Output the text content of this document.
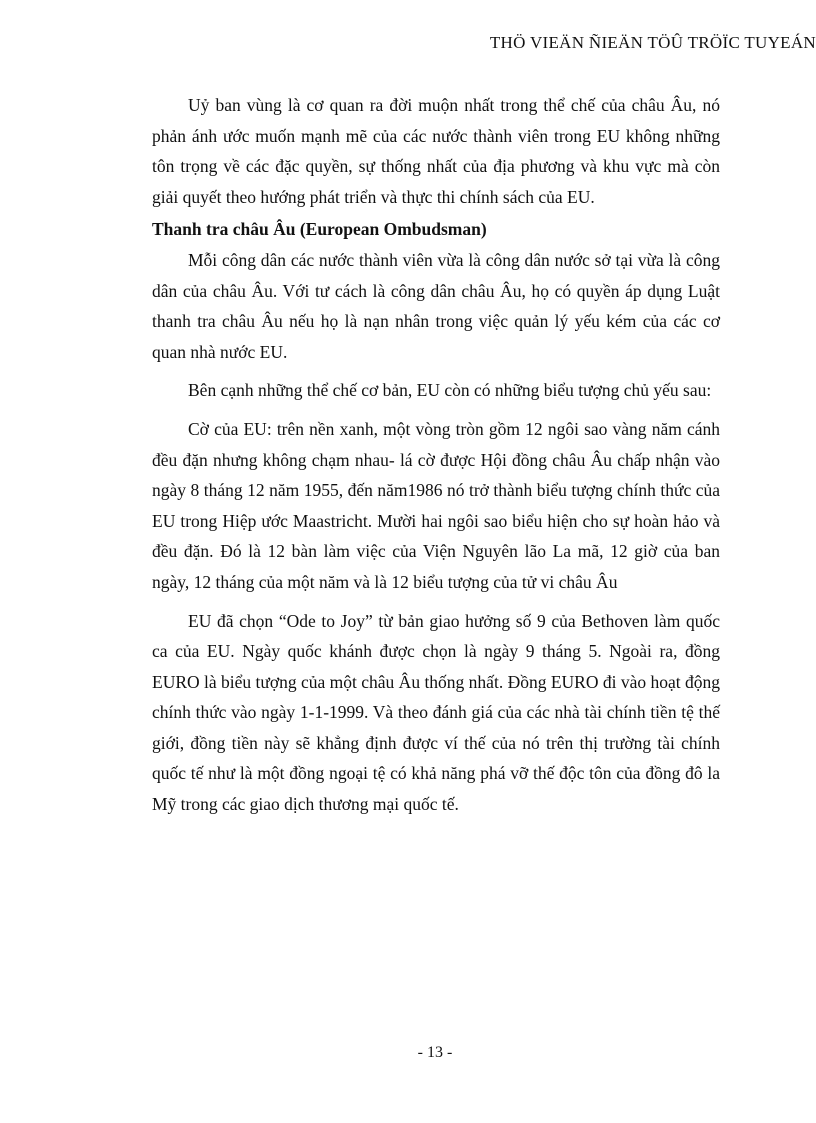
THÖ VIEÄN ÑIEÄN TÖÛ TRÖÏC TUYEÁN

Uỷ ban vùng là cơ quan ra đời muộn nhất trong thể chế của châu Âu, nó phản ánh ước muốn mạnh mẽ của các nước thành viên trong EU không những tôn trọng về các đặc quyền, sự thống nhất của địa phương và khu vực mà còn giải quyết theo hướng phát triển và thực thi chính sách của EU.

Thanh tra châu Âu (European Ombudsman)

Mỗi công dân các nước thành viên vừa là công dân nước sở tại vừa là công dân của châu Âu. Với tư cách là công dân châu Âu, họ có quyền áp dụng Luật thanh tra châu Âu nếu họ là nạn nhân trong việc quản lý yếu kém của các cơ quan nhà nước EU.

Bên cạnh những thể chế cơ bản, EU còn có những biểu tượng chủ yếu sau:

Cờ của EU: trên nền xanh, một vòng tròn gồm 12 ngôi sao vàng năm cánh đều đặn nhưng không chạm nhau- lá cờ được Hội đồng châu Âu chấp nhận vào ngày 8 tháng 12 năm 1955, đến năm1986 nó trở thành biểu tượng chính thức của EU trong Hiệp ước Maastricht. Mười hai ngôi sao biểu hiện cho sự hoàn hảo và đều đặn. Đó là 12 bàn làm việc của Viện Nguyên lão La mã, 12 giờ của ban ngày, 12 tháng của một năm và là 12 biểu tượng của tử vi châu Âu

EU đã chọn “Ode to Joy” từ bản giao hưởng số 9 của Bethoven làm quốc ca của EU. Ngày quốc khánh được chọn là ngày 9 tháng 5. Ngoài ra, đồng EURO là biểu tượng của một châu Âu thống nhất. Đồng EURO đi vào hoạt động chính thức vào ngày 1-1-1999. Và theo đánh giá của các nhà tài chính tiền tệ thế giới, đồng tiền này sẽ khẳng định được ví thế của nó trên thị trường tài chính quốc tế như là một đồng ngoại tệ có khả năng phá vỡ thế độc tôn của đồng đô la Mỹ trong các giao dịch thương mại quốc tế.

- 13 -
